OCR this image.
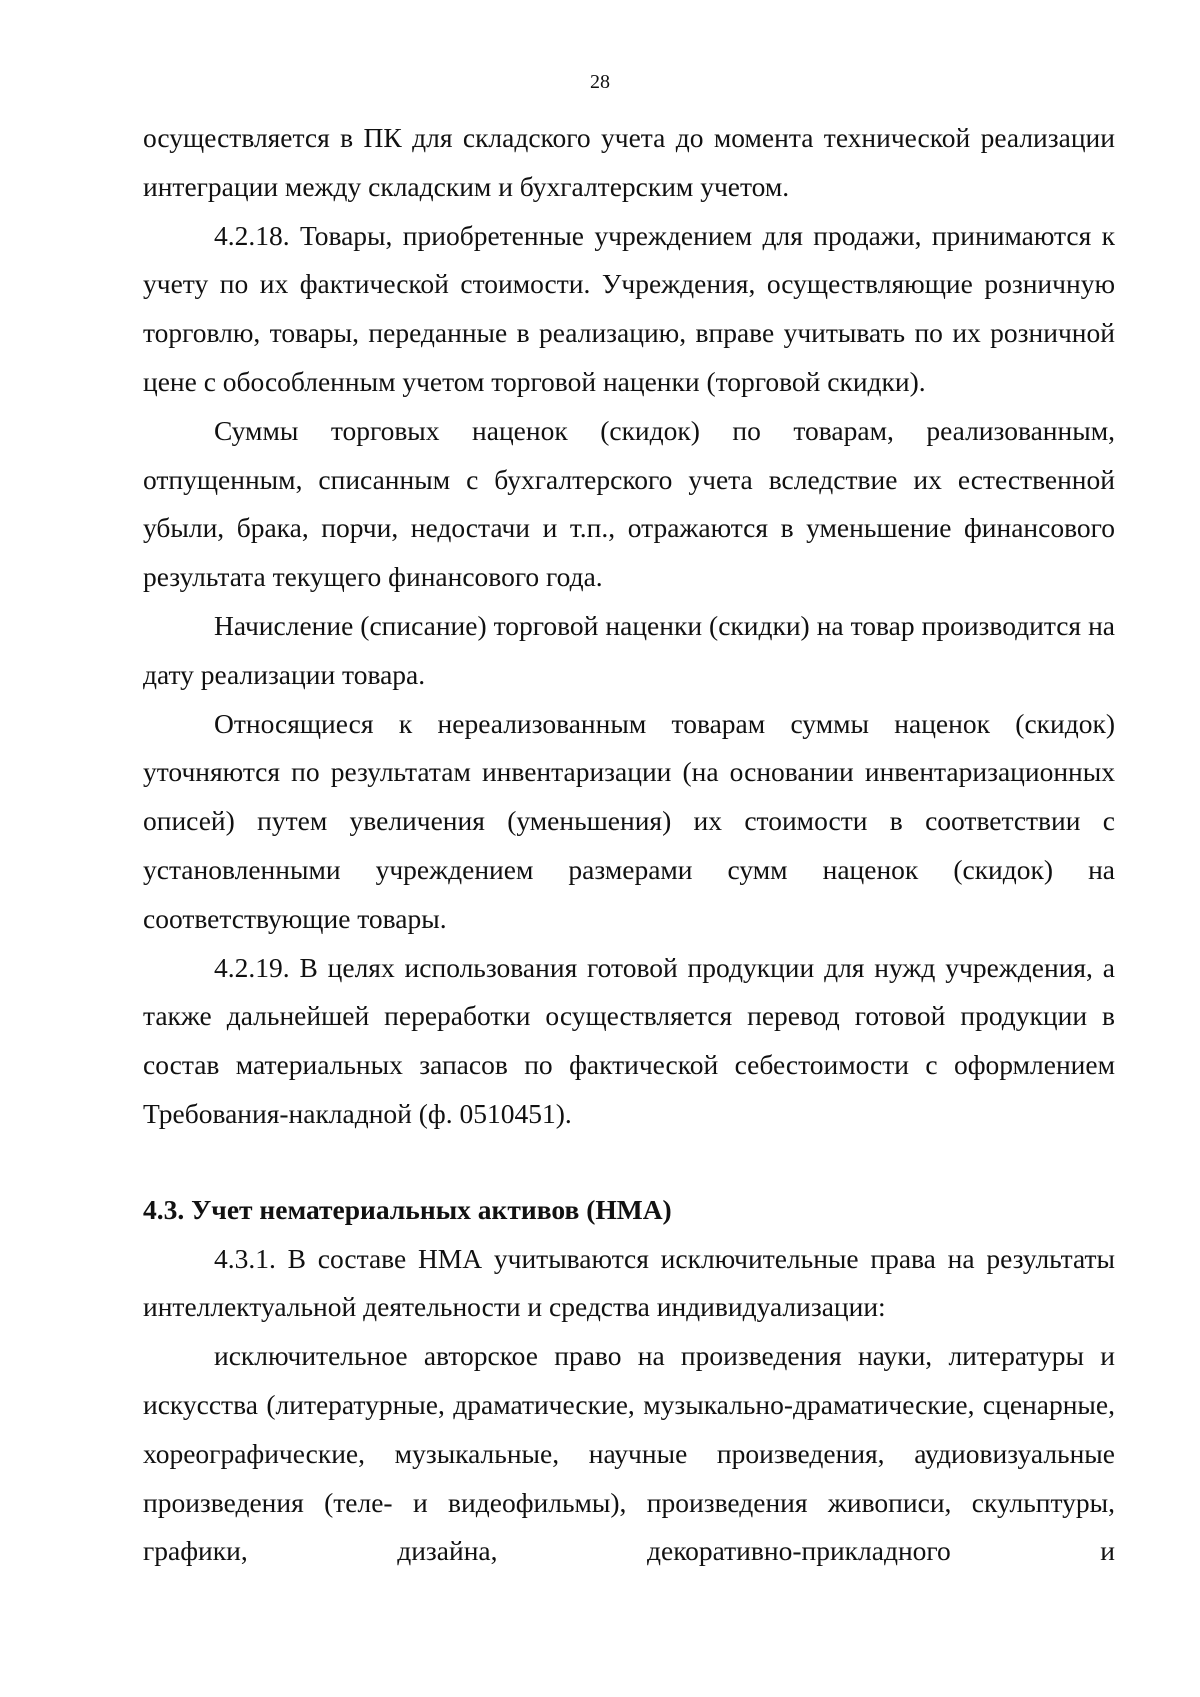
28

осуществляется в ПК для складского учета до момента технической реализации интеграции между складским и бухгалтерским учетом.

4.2.18. Товары, приобретенные учреждением для продажи, принимаются к учету по их фактической стоимости. Учреждения, осуществляющие розничную торговлю, товары, переданные в реализацию, вправе учитывать по их розничной цене с обособленным учетом торговой наценки (торговой скидки).

Суммы торговых наценок (скидок) по товарам, реализованным, отпущенным, списанным с бухгалтерского учета вследствие их естественной убыли, брака, порчи, недостачи и т.п., отражаются в уменьшение финансового результата текущего финансового года.

Начисление (списание) торговой наценки (скидки) на товар производится на дату реализации товара.

Относящиеся к нереализованным товарам суммы наценок (скидок) уточняются по результатам инвентаризации (на основании инвентаризационных описей) путем увеличения (уменьшения) их стоимости в соответствии с установленными учреждением размерами сумм наценок (скидок) на соответствующие товары.

4.2.19. В целях использования готовой продукции для нужд учреждения, а также дальнейшей переработки осуществляется перевод готовой продукции в состав материальных запасов по фактической себестоимости с оформлением Требования-накладной (ф. 0510451).

4.3. Учет нематериальных активов (НМА)

4.3.1. В составе НМА учитываются исключительные права на результаты интеллектуальной деятельности и средства индивидуализации:

исключительное авторское право на произведения науки, литературы и искусства (литературные, драматические, музыкально-драматические, сценарные, хореографические, музыкальные, научные произведения, аудиовизуальные произведения (теле- и видеофильмы), произведения живописи, скульптуры, графики, дизайна, декоративно-прикладного и
